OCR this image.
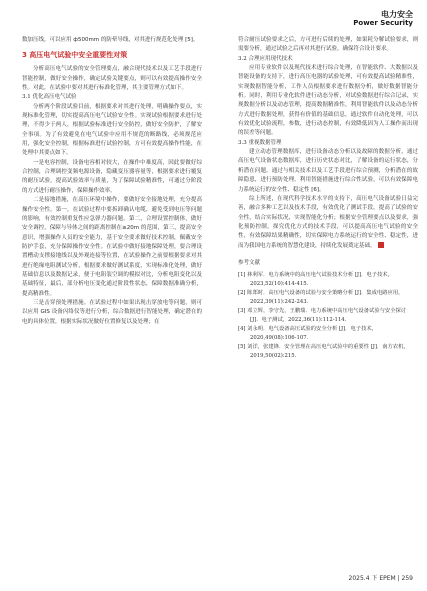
电力安全
Power Security

数加压线，可以应用 ф500mm 的防晕导线，对其进行规范化处理 [5]。

3 高压电气试验中安全重要性对策

分析高压电气试验的安全管理要点，融合现代技术以及工艺手段进行智能控制，做好安全操作，确定试验关键要点，则可以有效提高操作安全性。对此，在试验中要对其进行标准化管理，其主要管理方式如下。

3.1 优化高压电气试验

分析两个阶段试验目前，根据要求对其进行处理，明确操作要点，实现标准化管理，切实提高高压电气试验安全性。实现试验根据要求进行处理，不得少于两人，根据试验标准进行安全防控，做好安全防护，了解安全事项。为了有效避免在电气试验中应用不规范的断路线，必须规范应用，强化安全控制，根据标准进行试验控制，方可有效提高操作性能，在处理中其要点如下。

一是电容控制，设备电容相对较大，在操作中难度高，因此要做好综合控制，合理调控变频电源设备，隐藏变压器容量等，根据要求进行覆复的耐压试验，提高试验效率与质量，为了保障试验精准性，可通过分阶段的方式进行耐压操作，保障操作效率。

二是接地措施，在高压环境中操作，要做好安全接地处理，充分提高操作安全性。第一，在试验过程中要拆卸确认电缆，避免受到电压等问题的影响，有效控制重复性应急弹力器问题。第二，合理设置控制体，做好安全调控，保障与导体之间的距离控制在≥20m 的范围，第三，提高安全意识，增强操作人员的安全能力，基于安全要求做好技术控制，佩戴安全防护手套，充分保障操作安全性。在试验中做好接地保障处理，要合理设置槽动支撑接地线以及外观连接等位置，在试验操作之前要根据要求对其进行绝缘电阻测试分析，根据要求做好测试系度，实现标准化处理，做好基础信息以及数据记录，便于电阻装空调的模拟对比，分析电阻变化以及基础特征，最后，部分析电压变化通过阶段性状态，保障数据准确分析，提高精准性。

三是击穿预处理措施。在试验过程中如果出现击穿放电等问题，则可以应用 GIS 设备闪络仪等进行分析，综合数据进行智能处理，确定潜在的电的具体位置，根据实际状况做好位置修复以及处理；在

符合耐压试验要求之后，方可进行后续的处理，如果耗分解试验要求，则需要分析，通过试验之后再对其进行试验，确保符合设计要求。

3.2 合理应用现代技术

应用专业软件以及现代技术进行综合处理，在智能软件、大数据以及智能设备的支持下，进行高压电器的试验处理，可有效提高试验精准性，实现数据智能分析，工作人员根据要求进行数据分析，做好数据智能分析。同时，利用专业化软件进行动态分析，对试验数据进行综合记录，实现数据分析以及动态管理，提高数据精准性，利用智能软件以及动态分析方式进行数据处理，获得有价值的基础信息，通过软件自动化处理，可以有效优化试验流程，参数，进行动态控制，有效降低因为人工操作而出现的误差等问题。

3.3 重视数据管理

建立动态管理数据库，进行设备动态分析以及故障的数据分析，通过高压电气设备状态数据库，进行历史状态对比，了解设备的运行状态，分析潜在问题。通过与相关技术以及工艺手段进行综合预测，分析潜在的故障隐患，进行预防处理。利用智能措施进行综合性试验，可以有效保障电力系统运行的安全性、稳定性 [6]。

综上所述，在现代科学技术水平的支持下，高压电气设备试验日益完善，融合多种工艺以及技术手段，有效优化了测试手段，提高了试验的安全性，结合实际状况，实现智能化分析；根据安全管理要点以及要求，强化预防控制，探究优化方式的技术手段，可以提高高压电气试验的安全性，有效保障结果精确性，切实保障电力系统运行的安全性、稳定性，进而为我国电力系统的智慧化建设，持续化发展奠定基础。	★

参考文献

[1] 林利军．电力系统中的高压电气试验技术分析 [J]．电子技术，2023,52(10):414-415.

[2] 陈郑时．高压电气设备的试验与安全策略分析 [J]．集成电路应用，2022,39(11):242-243.

[3] 邓立辉，李守先，王鹏瑞．电力系统中高压电气设备试验与安全探讨 [J]．电子测试，2022,36(11):112-114.

[4] 刘永明．电气设备高压试验的安全分析 [J]．电子技术，2020,49(08):106-107.

[5] 刘洋，张建锋．安全管理在高压电气试验中的重要性 [J]．南方农机，2019,50(02):215.

2025.4 下 EPEM | 259
